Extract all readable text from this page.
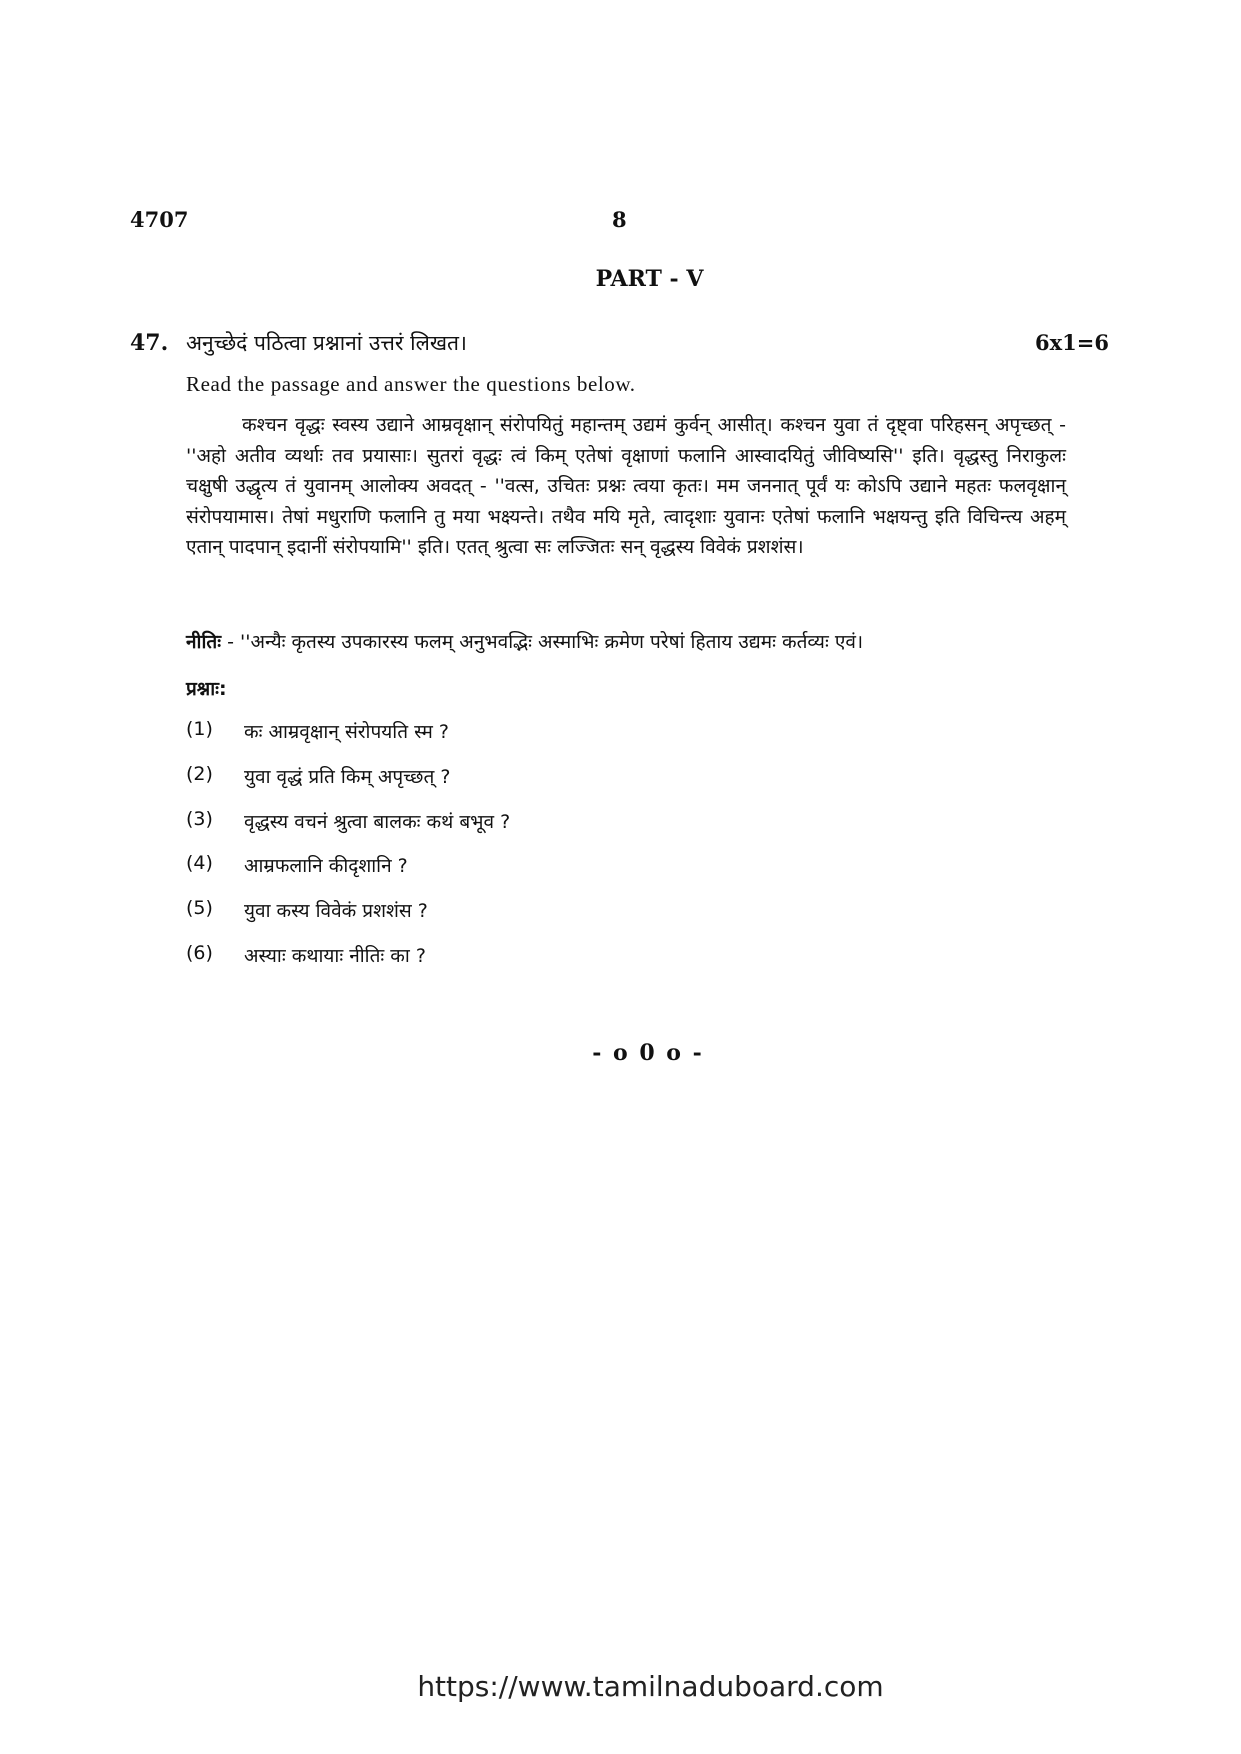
4707	8
PART - V
47. अनुच्छेदं पठित्वा प्रश्नानां उत्तरं लिखत।	6x1=6
Read the passage and answer the questions below.
कश्चन वृद्धः स्वस्य उद्याने आम्रवृक्षान् संरोपयितुं महान्तम् उद्यमं कुर्वन् आसीत्। कश्चन युवा तं दृष्ट्वा परिहसन् अपृच्छत् - ''अहो अतीव व्यर्थाः तव प्रयासाः। सुतरां वृद्धः त्वं किम् एतेषां वृक्षाणां फलानि आस्वादयितुं जीविष्यसि'' इति। वृद्धस्तु निराकुलः चक्षुषी उद्धृत्य तं युवानम् आलोक्य अवदत् - ''वत्स, उचितः प्रश्नः त्वया कृतः। मम जननात् पूर्वं यः कोऽपि उद्याने महतः फलवृक्षान् संरोपयामास। तेषां मधुराणि फलानि तु मया भक्ष्यन्ते। तथैव मयि मृते, त्वादृशाः युवानः एतेषां फलानि भक्षयन्तु इति विचिन्त्य अहम् एतान् पादपान् इदानीं संरोपयामि'' इति। एतत् श्रुत्वा सः लज्जितः सन् वृद्धस्य विवेकं प्रशशंस।
नीतिः - ''अन्यैः कृतस्य उपकारस्य फलम् अनुभवद्भिः अस्माभिः क्रमेण परेषां हिताय उद्यमः कर्तव्यः एवं।
प्रश्नाः:
(1)	कः आम्रवृक्षान् संरोपयति स्म ?
(2)	युवा वृद्धं प्रति किम् अपृच्छत् ?
(3)	वृद्धस्य वचनं श्रुत्वा बालकः कथं बभूव ?
(4)	आम्रफलानि कीदृशानि ?
(5)	युवा कस्य विवेकं प्रशशंस ?
(6)	अस्याः कथायाः नीतिः का ?
- o 0 o -
https://www.tamilnaduboard.com
